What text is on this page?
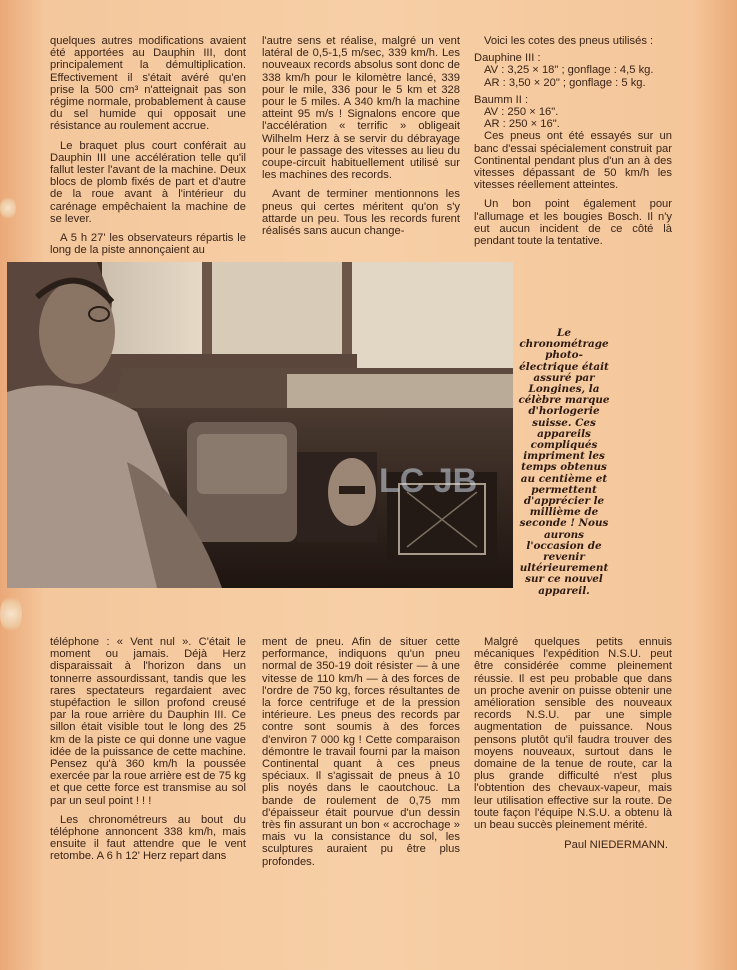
quelques autres modifications avaient été apportées au Dauphin III, dont principalement la démultiplication. Effectivement il s'était avéré qu'en prise la 500 cm³ n'atteignait pas son régime normale, probablement à cause du sel humide qui opposait une résistance au roulement accrue.

Le braquet plus court conférait au Dauphin III une accélération telle qu'il fallut lester l'avant de la machine. Deux blocs de plomb fixés de part et d'autre de la roue avant à l'intérieur du carénage empêchaient la machine de se lever.

A 5 h 27' les observateurs répartis le long de la piste annonçaient au

l'autre sens et réalise, malgré un vent latéral de 0,5-1,5 m/sec, 339 km/h. Les nouveaux records absolus sont donc de 338 km/h pour le kilomètre lancé, 339 pour le mile, 336 pour le 5 km et 328 pour le 5 miles. A 340 km/h la machine atteint 95 m/s ! Signalons encore que l'accélération « terrific » obligeait Wilhelm Herz à se servir du débrayage pour le passage des vitesses au lieu du coupe-circuit habituellement utilisé sur les machines des records.

Avant de terminer mentionnons les pneus qui certes méritent qu'on s'y attarde un peu. Tous les records furent réalisés sans aucun change-

Voici les cotes des pneus utilisés :

Dauphine III :

AV : 3,25 × 18" ; gonflage : 4,5 kg.

AR : 3,50 × 20" ; gonflage : 5 kg.

Baumm II :

AV : 250 × 16".

AR : 250 × 16".

Ces pneus ont été essayés sur un banc d'essai spécialement construit par Continental pendant plus d'un an à des vitesses dépassant de 50 km/h les vitesses réellement atteintes.

Un bon point également pour l'allumage et les bougies Bosch. Il n'y eut aucun incident de ce côté là pendant toute la tentative.

LC JB
Le chronométrage photo-électrique était assuré par Longines, la célèbre marque d'horlogerie suisse. Ces appareils compliqués impriment les temps obtenus au centième et permettent d'apprécier le millième de seconde ! Nous aurons l'occasion de revenir ultérieurement sur ce nouvel appareil.

téléphone : « Vent nul ». C'était le moment ou jamais. Déjà Herz disparaissait à l'horizon dans un tonnerre assourdissant, tandis que les rares spectateurs regardaient avec stupéfaction le sillon profond creusé par la roue arrière du Dauphin III. Ce sillon était visible tout le long des 25 km de la piste ce qui donne une vague idée de la puissance de cette machine. Pensez qu'à 360 km/h la poussée exercée par la roue arrière est de 75 kg et que cette force est transmise au sol par un seul point ! ! !

Les chronométreurs au bout du téléphone annoncent 338 km/h, mais ensuite il faut attendre que le vent retombe. A 6 h 12' Herz repart dans

ment de pneu. Afin de situer cette performance, indiquons qu'un pneu normal de 350-19 doit résister — à une vitesse de 110 km/h — à des forces de l'ordre de 750 kg, forces résultantes de la force centrifuge et de la pression intérieure. Les pneus des records par contre sont soumis à des forces d'environ 7 000 kg ! Cette comparaison démontre le travail fourni par la maison Continental quant à ces pneus spéciaux. Il s'agissait de pneus à 10 plis noyés dans le caoutchouc. La bande de roulement de 0,75 mm d'épaisseur était pourvue d'un dessin très fin assurant un bon « accrochage » mais vu la consistance du sol, les sculptures auraient pu être plus profondes.

Malgré quelques petits ennuis mécaniques l'expédition N.S.U. peut être considérée comme pleinement réussie. Il est peu probable que dans un proche avenir on puisse obtenir une amélioration sensible des nouveaux records N.S.U. par une simple augmentation de puissance. Nous pensons plutôt qu'il faudra trouver des moyens nouveaux, surtout dans le domaine de la tenue de route, car la plus grande difficulté n'est plus l'obtention des chevaux-vapeur, mais leur utilisation effective sur la route. De toute façon l'équipe N.S.U. a obtenu là un beau succès pleinement mérité.

Paul NIEDERMANN.
